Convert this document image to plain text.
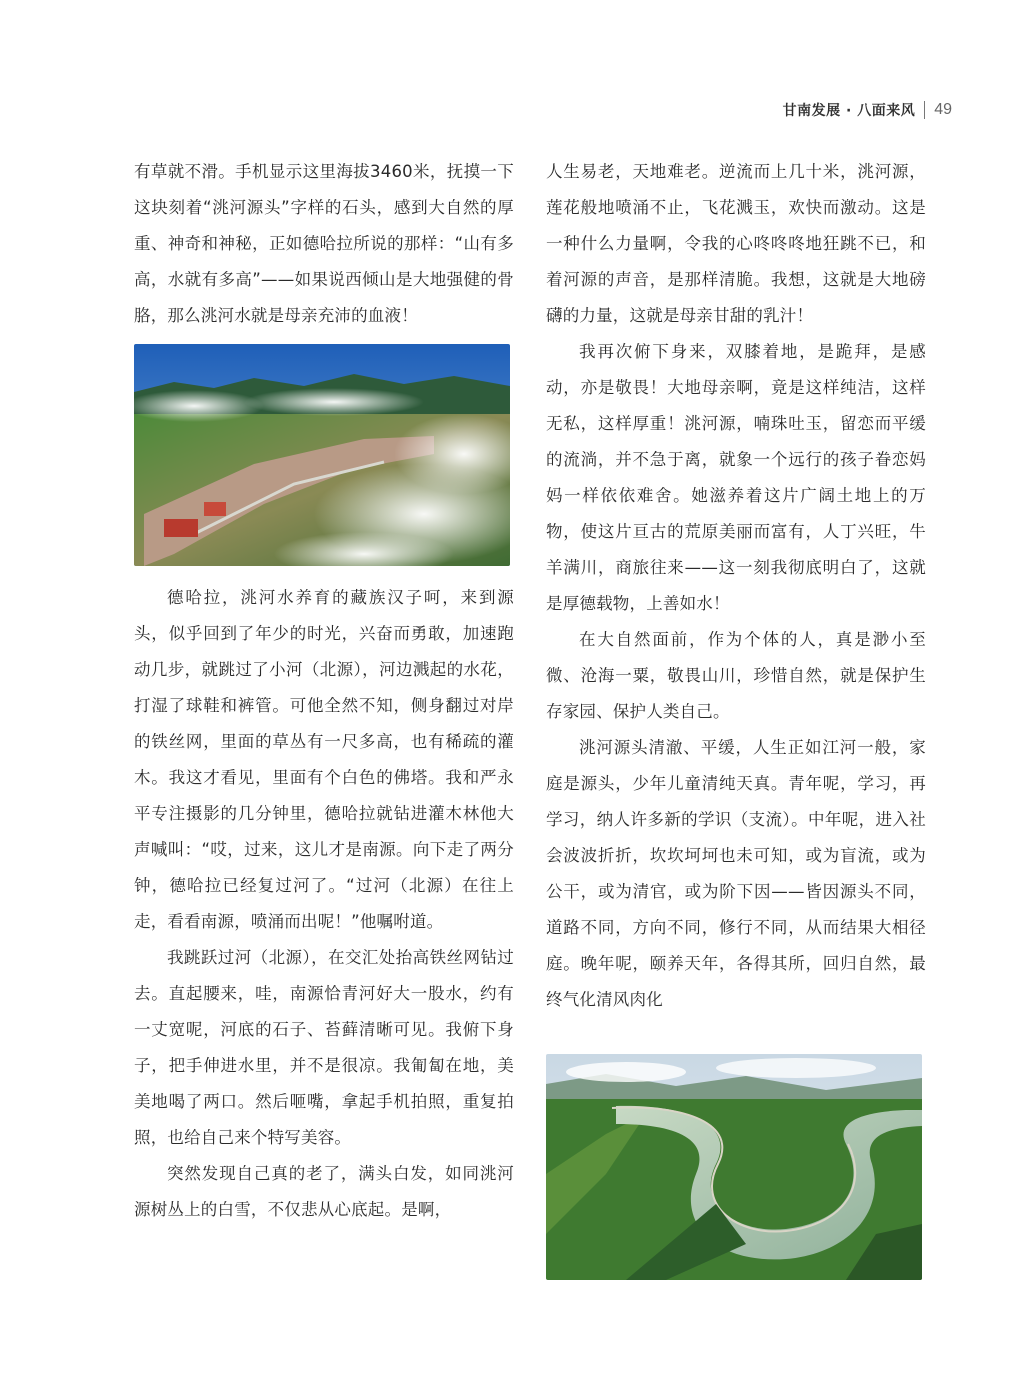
甘南发展 · 八面来风 49

有草就不滑。手机显示这里海拔3460米，抚摸一下这块刻着“洮河源头”字样的石头，感到大自然的厚重、神奇和神秘，正如德哈拉所说的那样：“山有多高，水就有多高”——如果说西倾山是大地强健的骨胳，那么洮河水就是母亲充沛的血液！

德哈拉，洮河水养育的藏族汉子呵，来到源头，似乎回到了年少的时光，兴奋而勇敢，加速跑动几步，就跳过了小河（北源），河边溅起的水花，打湿了球鞋和裤管。可他全然不知，侧身翻过对岸的铁丝网，里面的草丛有一尺多高，也有稀疏的灌木。我这才看见，里面有个白色的佛塔。我和严永平专注摄影的几分钟里，德哈拉就钻进灌木林他大声喊叫：“哎，过来，这儿才是南源。向下走了两分钟，德哈拉已经复过河了。“过河（北源）在往上走，看看南源，喷涌而出呢！”他嘱咐道。

我跳跃过河（北源），在交汇处抬高铁丝网钻过去。直起腰来，哇，南源恰青河好大一股水，约有一丈宽呢，河底的石子、苔藓清晰可见。我俯下身子，把手伸进水里，并不是很凉。我匍匐在地，美美地喝了两口。然后咂嘴，拿起手机拍照，重复拍照，也给自己来个特写美容。

突然发现自己真的老了，满头白发，如同洮河源树丛上的白雪，不仅悲从心底起。是啊，

人生易老，天地难老。逆流而上几十米，洮河源，莲花般地喷涌不止，飞花溅玉，欢快而激动。这是一种什么力量啊，令我的心咚咚咚地狂跳不已，和着河源的声音，是那样清脆。我想，这就是大地磅礴的力量，这就是母亲甘甜的乳汁！

我再次俯下身来，双膝着地，是跪拜，是感动，亦是敬畏！大地母亲啊，竟是这样纯洁，这样无私，这样厚重！洮河源，喃珠吐玉，留恋而平缓的流淌，并不急于离，就象一个远行的孩子眷恋妈妈一样依依难舍。她滋养着这片广阔土地上的万物，使这片亘古的荒原美丽而富有，人丁兴旺，牛羊满川，商旅往来——这一刻我彻底明白了，这就是厚德载物，上善如水！

在大自然面前，作为个体的人，真是渺小至微、沧海一粟，敬畏山川，珍惜自然，就是保护生存家园、保护人类自己。

洮河源头清澈、平缓，人生正如江河一般，家庭是源头，少年儿童清纯天真。青年呢，学习，再学习，纳人许多新的学识（支流）。中年呢，进入社会波波折折，坎坎坷坷也未可知，或为盲流，或为公干，或为清官，或为阶下因——皆因源头不同，道路不同，方向不同，修行不同，从而结果大相径庭。晚年呢，颐养天年，各得其所，回归自然，最终气化清风肉化
